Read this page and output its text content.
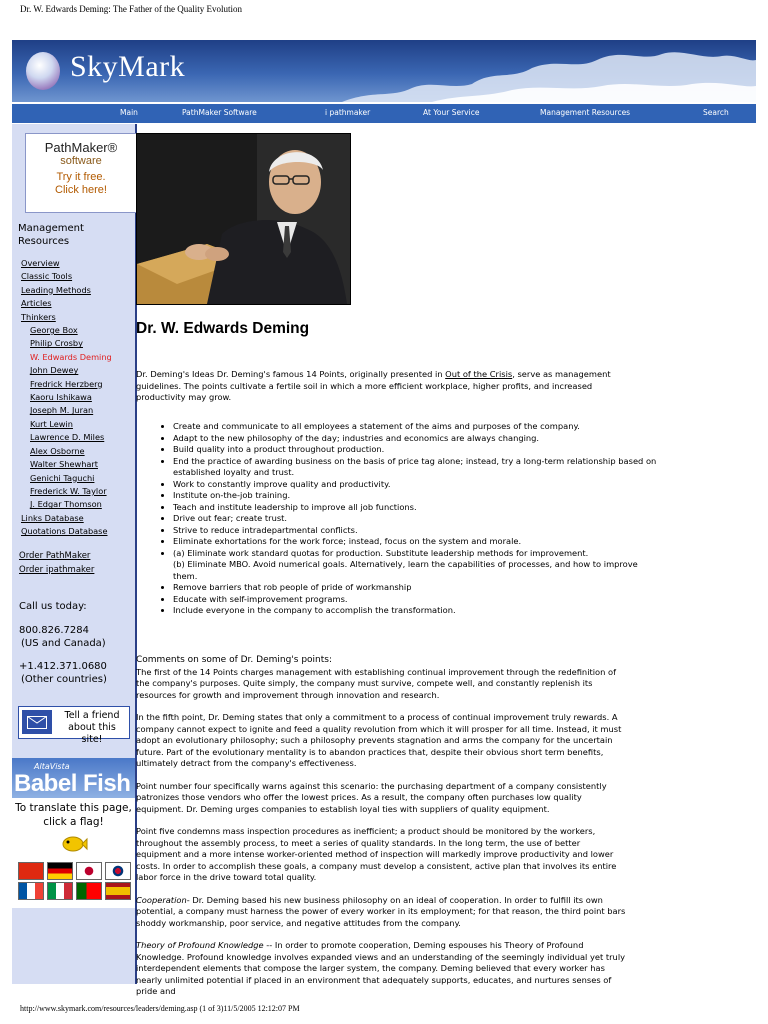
Dr. W. Edwards Deming: The Father of the Quality Evolution
SkyMark
Main	PathMaker Software	i pathmaker	At Your Service	Management Resources	Search
PathMaker®
software
Try it free.
Click here!
Management
Resources
Overview
Classic Tools
Leading Methods
Articles
Thinkers
George Box
Philip Crosby
W. Edwards Deming
John Dewey
Fredrick Herzberg
Kaoru Ishikawa
Joseph M. Juran
Kurt Lewin
Lawrence D. Miles
Alex Osborne
Walter Shewhart
Genichi Taguchi
Frederick W. Taylor
J. Edgar Thomson
Links Database
Quotations Database
Order PathMaker
Order ipathmaker
Call us today:
800.826.7284
(US and Canada)
+1.412.371.0680
(Other countries)
Tell a friend
about this site!
AltaVista
Babel Fish
To translate this page,
click a flag!
Dr. W. Edwards Deming
Dr. Deming's Ideas Dr. Deming's famous 14 Points, originally presented in Out of the Crisis, serve as management guidelines. The points cultivate a fertile soil in which a more efficient workplace, higher profits, and increased productivity may grow.
• Create and communicate to all employees a statement of the aims and purposes of the company.
• Adapt to the new philosophy of the day; industries and economics are always changing.
• Build quality into a product throughout production.
• End the practice of awarding business on the basis of price tag alone; instead, try a long-term relationship based on established loyalty and trust.
• Work to constantly improve quality and productivity.
• Institute on-the-job training.
• Teach and institute leadership to improve all job functions.
• Drive out fear; create trust.
• Strive to reduce intradepartmental conflicts.
• Eliminate exhortations for the work force; instead, focus on the system and morale.
• (a) Eliminate work standard quotas for production. Substitute leadership methods for improvement.
(b) Eliminate MBO. Avoid numerical goals. Alternatively, learn the capabilities of processes, and how to improve them.
• Remove barriers that rob people of pride of workmanship
• Educate with self-improvement programs.
• Include everyone in the company to accomplish the transformation.
Comments on some of Dr. Deming's points:

The first of the 14 Points charges management with establishing continual improvement through the redefinition of the company's purposes. Quite simply, the company must survive, compete well, and constantly replenish its resources for growth and improvement through innovation and research.

In the fifth point, Dr. Deming states that only a commitment to a process of continual improvement truly rewards. A company cannot expect to ignite and feed a quality revolution from which it will prosper for all time. Instead, it must adopt an evolutionary philosophy; such a philosophy prevents stagnation and arms the company for the uncertain future. Part of the evolutionary mentality is to abandon practices that, despite their obvious short term benefits, ultimately detract from the company's effectiveness.

Point number four specifically warns against this scenario: the purchasing department of a company consistently patronizes those vendors who offer the lowest prices. As a result, the company often purchases low quality equipment. Dr. Deming urges companies to establish loyal ties with suppliers of quality equipment.

Point five condemns mass inspection procedures as inefficient; a product should be monitored by the workers, throughout the assembly process, to meet a series of quality standards. In the long term, the use of better equipment and a more intense worker-oriented method of inspection will markedly improve productivity and lower costs. In order to accomplish these goals, a company must develop a consistent, active plan that involves its entire labor force in the drive toward total quality.

Cooperation- Dr. Deming based his new business philosophy on an ideal of cooperation. In order to fulfill its own potential, a company must harness the power of every worker in its employment; for that reason, the third point bars shoddy workmanship, poor service, and negative attitudes from the company.

Theory of Profound Knowledge -- In order to promote cooperation, Deming espouses his Theory of Profound Knowledge. Profound knowledge involves expanded views and an understanding of the seemingly individual yet truly interdependent elements that compose the larger system, the company. Deming believed that every worker has nearly unlimited potential if placed in an environment that adequately supports, educates, and nurtures senses of pride and

http://www.skymark.com/resources/leaders/deming.asp (1 of 3)11/5/2005 12:12:07 PM
